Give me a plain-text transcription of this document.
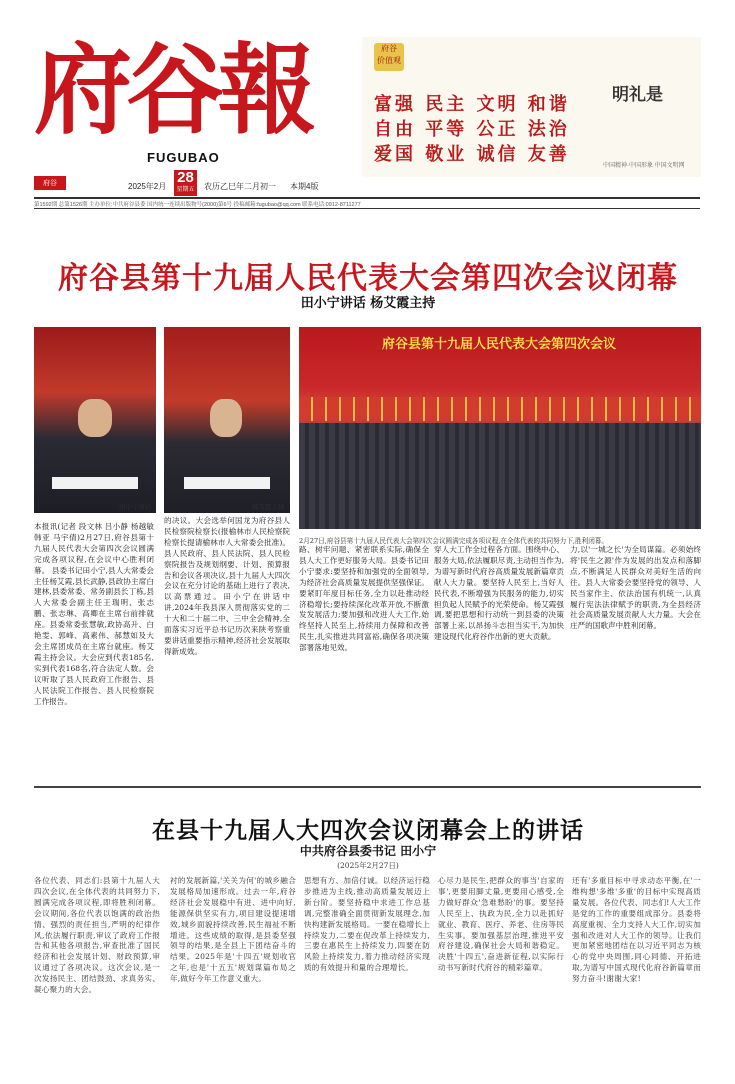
府谷報
FUGUBAO
府谷
价值观
富强 民主 文明 和谐
自由 平等 公正 法治
爱国 敬业 诚信 友善
明礼是
中国精神·中国形象 中国文明网
府谷	2025年2月
28
星期五	农历乙巳年二月初一 本期4版
第1592期 总第1526期 主办单位:中共府谷县委 国内统一连续出版物号(2000)第6号 投稿邮箱:fugubao@qq.com 联系电话:0912-8711277
府谷县第十九届人民代表大会第四次会议闭幕
田小宁讲话 杨艾霞主持
田小宁讲话	杨艾霞主持
府谷县第十九届人民代表大会第四次会议
2月27日,府谷县第十九届人民代表大会第四次会议圆满完成各项议程,在全体代表的共同努力下,胜利闭幕。
本报讯(记者 段文林 吕小静 杨越敏 韩亚 马宇倩)2月27日,府谷县第十九届人民代表大会第四次会议圆满完成各项议程,在会议中心胜利闭幕。 县委书记田小宁,县人大常委会主任杨艾霞,县长武静,县政协主席白建林,县委常委、常务副县长丁栋,县人大常委会副主任王瑞明、张志鹏、张志琳、高卿在主席台前排就座。县委常委张慧敏,政协高升、白艳雯、郭峰、高素伟、郝慧如及大会主席团成员在主席台就座。杨艾霞主持会议。大会应到代表185名,实到代表168名,符合法定人数。会议听取了县人民政府工作报告、县人民法院工作报告、县人民检察院工作报告。
的决议。大会选举何国龙为府谷县人民检察院检察长(报榆林市人民检察院检察长提请榆林市人大常委会批准)。县人民政府、县人民法院、县人民检察院报告及规划纲要、计划、预算报告和会议各项决议,县十九届人大四次会议在充分讨论的基础上进行了表决,以高票通过。田小宁在讲话中讲,2024年我县深入贯彻落实党的二十大和二十届二中、三中全会精神,全面落实习近平总书记历次来陕考察重要讲话重要指示精神,经济社会发展取得新成效。
路、树牢问题、紧密联系实际,确保全县人大工作更好服务大局。县委书记田小宁要求:要坚持和加强党的全面领导,为经济社会高质量发展提供坚强保证。要紧盯年度目标任务,全力以赴推动经济稳增长;要持续深化改革开放,不断激发发展活力;要加强和改进人大工作,始终坚持人民至上,持续用力保障和改善民生,扎实推进共同富裕,确保各项决策部署落地见效。
穿人大工作全过程各方面。围绕中心、服务大局,依法履职尽责,主动担当作为,为谱写新时代府谷高质量发展新篇章贡献人大力量。要坚持人民至上,当好人民代表,不断增强为民服务的能力,切实担负起人民赋予的光荣使命。杨艾霞强调,要把思想和行动统一到县委的决策部署上来,以昂扬斗志担当实干,为加快建设现代化府谷作出新的更大贡献。
力,以'一城之长'为全局谋篇。必须始终将'民生之源'作为发展的出发点和落脚点,不断满足人民群众对美好生活的向往。县人大常委会要坚持党的领导、人民当家作主、依法治国有机统一,认真履行宪法法律赋予的职责,为全县经济社会高质量发展贡献人大力量。大会在庄严的国歌声中胜利闭幕。
在县十九届人大四次会议闭幕会上的讲话
中共府谷县委书记 田小宁
(2025年2月27日)
各位代表、同志们:县第十九届人大四次会议,在全体代表的共同努力下,圆满完成各项议程,即将胜利闭幕。会议期间,各位代表以饱满的政治热情、强烈的责任担当,严明的纪律作风,依法履行职责,审议了政府工作报告和其他各项报告,审查批准了国民经济和社会发展计划、财政预算,审议通过了各项决议。这次会议,是一次发扬民主、团结鼓劲、求真务实、凝心聚力的大会。
衬的发展新篇,'关关为何'的城乡融合发展格局加速形成。过去一年,府谷经济社会发展稳中有进、进中向好,能源保供坚实有力,项目建设提速增效,城乡面貌持续改善,民生福祉不断增进。这些成绩的取得,是县委坚强领导的结果,是全县上下团结奋斗的结果。2025年是'十四五'规划收官之年,也是'十五五'规划谋篇布局之年,做好今年工作意义重大。
思想有方、加倍付诚。以经济运行稳步推进为主线,推动高质量发展迈上新台阶。要坚持稳中求进工作总基调,完整准确全面贯彻新发展理念,加快构建新发展格局。一要在稳增长上持续发力,二要在促改革上持续发力,三要在惠民生上持续发力,四要在防风险上持续发力,着力推动经济实现质的有效提升和量的合理增长。
心尽力是民生,把群众的事当'自家的事',更要用脚丈量,更要用心感受,全力做好群众'急难愁盼'的事。要坚持人民至上、执政为民,全力以赴抓好就业、教育、医疗、养老、住房等民生实事。要加强基层治理,推进平安府谷建设,确保社会大局和谐稳定。决胜'十四五',奋进新征程,以实际行动书写新时代府谷的精彩篇章。
还有'多重目标中寻求动态平衡,在'一维构想'多维'多重'的目标中实现高质量发展。各位代表、同志们!人大工作是党的工作的重要组成部分。县委将高度重视、全力支持人大工作,切实加强和改进对人大工作的领导。让我们更加紧密地团结在以习近平同志为核心的党中央周围,同心同德、开拓进取,为谱写中国式现代化府谷新篇章而努力奋斗!谢谢大家!
